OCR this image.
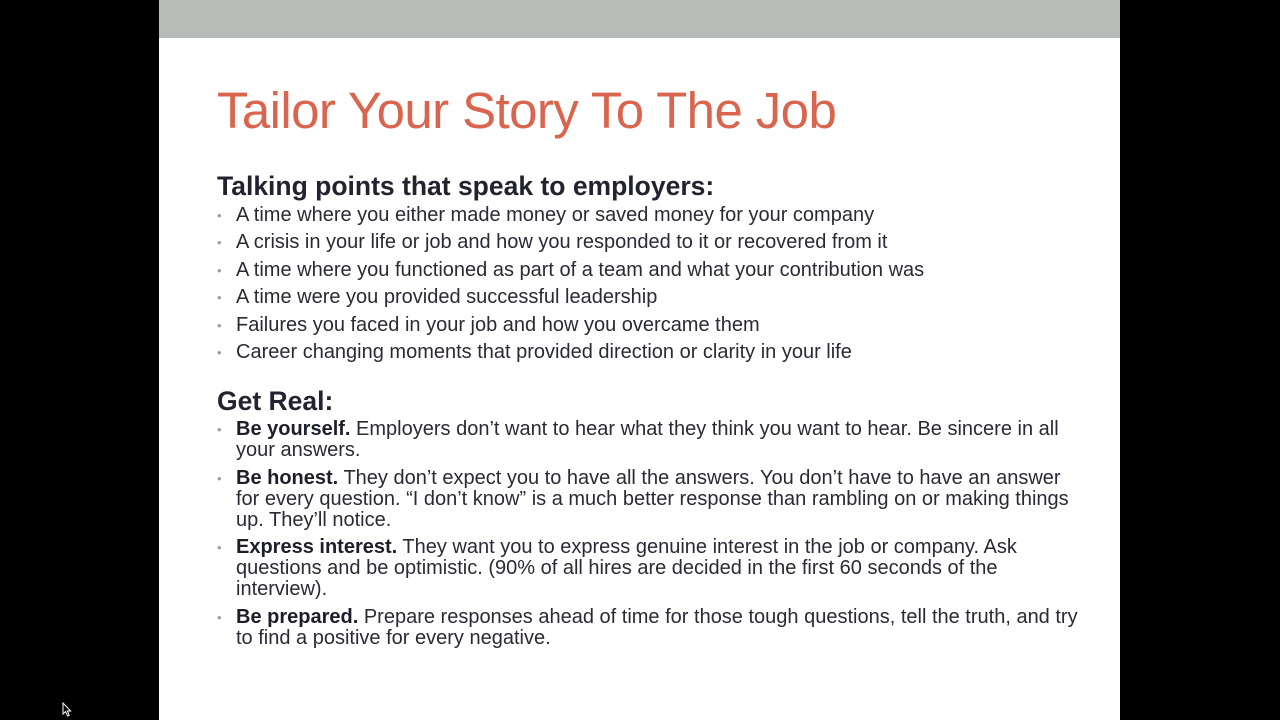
Tailor Your Story To The Job
Talking points that speak to employers:
• A time where you either made money or saved money for your company
• A crisis in your life or job and how you responded to it or recovered from it
• A time where you functioned as part of a team and what your contribution was
• A time were you provided successful leadership
• Failures you faced in your job and how you overcame them
• Career changing moments that provided direction or clarity in your life
Get Real:
• Be yourself. Employers don’t want to hear what they think you want to hear. Be sincere in all your answers.
• Be honest. They don’t expect you to have all the answers. You don’t have to have an answer for every question. “I don’t know” is a much better response than rambling on or making things up. They’ll notice.
• Express interest. They want you to express genuine interest in the job or company. Ask questions and be optimistic. (90% of all hires are decided in the first 60 seconds of the interview).
• Be prepared. Prepare responses ahead of time for those tough questions, tell the truth, and try to find a positive for every negative.
